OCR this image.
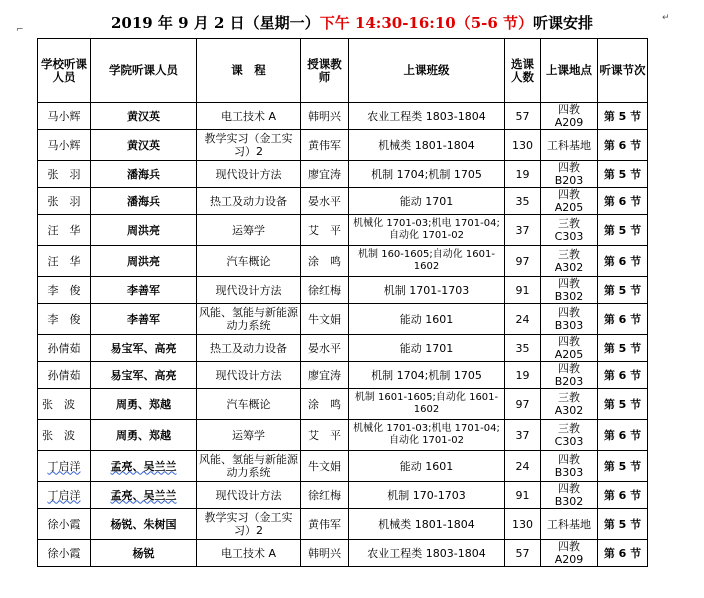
2019 年 9 月 2 日（星期一）下午 14:30-16:10（5-6 节）听课安排
⌐
↵
学校听课人员	学院听课人员	课　程	授课教师	上课班级	选课人数	上课地点	听课节次
马小辉	黄汉英	电工技术 A	韩明兴	农业工程类 1803-1804	57	四教 A209	第 5 节
马小辉	黄汉英	教学实习（金工实习）2	黄伟军	机械类 1801-1804	130	工科基地	第 6 节
张　羽	潘海兵	现代设计方法	廖宜涛	机制 1704;机制 1705	19	四教 B203	第 5 节
张　羽	潘海兵	热工及动力设备	晏水平	能动 1701	35	四教 A205	第 6 节
汪　华	周洪亮	运筹学	艾　平	机械化 1701-03;机电 1701-04;自动化 1701-02	37	三教 C303	第 5 节
汪　华	周洪亮	汽车概论	涂　鸣	机制 160-1605;自动化 1601-1602	97	三教 A302	第 6 节
李　俊	李善军	现代设计方法	徐红梅	机制 1701-1703	91	四教 B302	第 5 节
李　俊	李善军	风能、氢能与新能源动力系统	牛文娟	能动 1601	24	四教 B303	第 6 节
孙倩茹	易宝军、高亮	热工及动力设备	晏水平	能动 1701	35	四教 A205	第 5 节
孙倩茹	易宝军、高亮	现代设计方法	廖宜涛	机制 1704;机制 1705	19	四教 B203	第 6 节
张　波	周勇、郑越	汽车概论	涂　鸣	机制 1601-1605;自动化 1601-1602	97	三教 A302	第 5 节
张　波	周勇、郑越	运筹学	艾　平	机械化 1701-03;机电 1701-04;自动化 1701-02	37	三教 C303	第 6 节
丁启洋	孟亮、吴兰兰	风能、氢能与新能源动力系统	牛文娟	能动 1601	24	四教 B303	第 5 节
丁启洋	孟亮、吴兰兰	现代设计方法	徐红梅	机制 170-1703	91	四教 B302	第 6 节
徐小霞	杨锐、朱树国	教学实习（金工实习）2	黄伟军	机械类 1801-1804	130	工科基地	第 5 节
徐小霞	杨锐	电工技术 A	韩明兴	农业工程类 1803-1804	57	四教 A209	第 6 节
